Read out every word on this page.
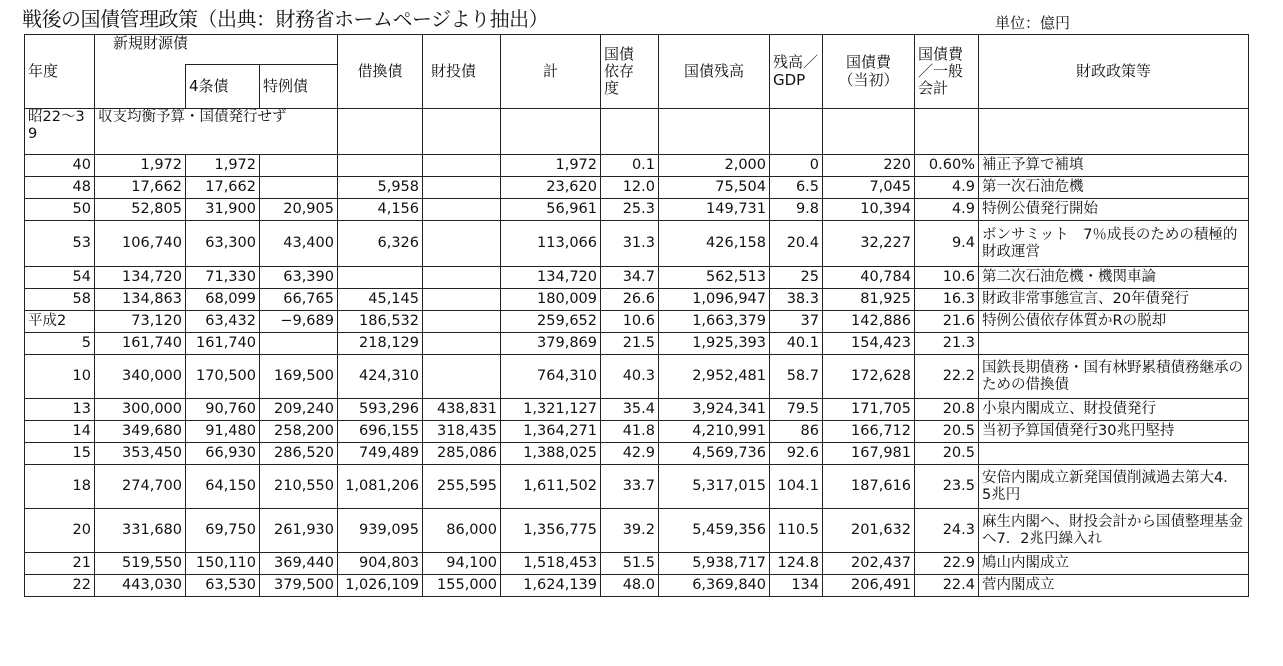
戦後の国債管理政策（出典：財務省ホームページより抽出）	単位：億円
年度	新規財源債			借換債	財投債	計	国債依存度	国債残高	残高／GDP	国債費（当初）	国債費／一般会計	財政政策等
		4条債	特例債									
昭22〜39	収支均衡予算・国債発行せず											
40	1,972	1,972				1,972	0.1	2,000	0	220	0.60%	補正予算で補填
48	17,662	17,662		5,958		23,620	12.0	75,504	6.5	7,045	4.9	第一次石油危機
50	52,805	31,900	20,905	4,156		56,961	25.3	149,731	9.8	10,394	4.9	特例公債発行開始
53	106,740	63,300	43,400	6,326		113,066	31.3	426,158	20.4	32,227	9.4	ボンサミット　7％成長のための積極的財政運営
54	134,720	71,330	63,390			134,720	34.7	562,513	25	40,784	10.6	第二次石油危機・機関車論
58	134,863	68,099	66,765	45,145		180,009	26.6	1,096,947	38.3	81,925	16.3	財政非常事態宣言、20年債発行
平成2	73,120	63,432	−9,689	186,532		259,652	10.6	1,663,379	37	142,886	21.6	特例公債依存体質かRの脱却
5	161,740	161,740		218,129		379,869	21.5	1,925,393	40.1	154,423	21.3	
10	340,000	170,500	169,500	424,310		764,310	40.3	2,952,481	58.7	172,628	22.2	国鉄長期債務・国有林野累積債務継承のための借換債
13	300,000	90,760	209,240	593,296	438,831	1,321,127	35.4	3,924,341	79.5	171,705	20.8	小泉内閣成立、財投債発行
14	349,680	91,480	258,200	696,155	318,435	1,364,271	41.8	4,210,991	86	166,712	20.5	当初予算国債発行30兆円堅持
15	353,450	66,930	286,520	749,489	285,086	1,388,025	42.9	4,569,736	92.6	167,981	20.5	
18	274,700	64,150	210,550	1,081,206	255,595	1,611,502	33.7	5,317,015	104.1	187,616	23.5	安倍内閣成立新発国債削減過去第大4．5兆円
20	331,680	69,750	261,930	939,095	86,000	1,356,775	39.2	5,459,356	110.5	201,632	24.3	麻生内閣へ、財投会計から国債整理基金へ7．2兆円繰入れ
21	519,550	150,110	369,440	904,803	94,100	1,518,453	51.5	5,938,717	124.8	202,437	22.9	鳩山内閣成立
22	443,030	63,530	379,500	1,026,109	155,000	1,624,139	48.0	6,369,840	134	206,491	22.4	菅内閣成立
